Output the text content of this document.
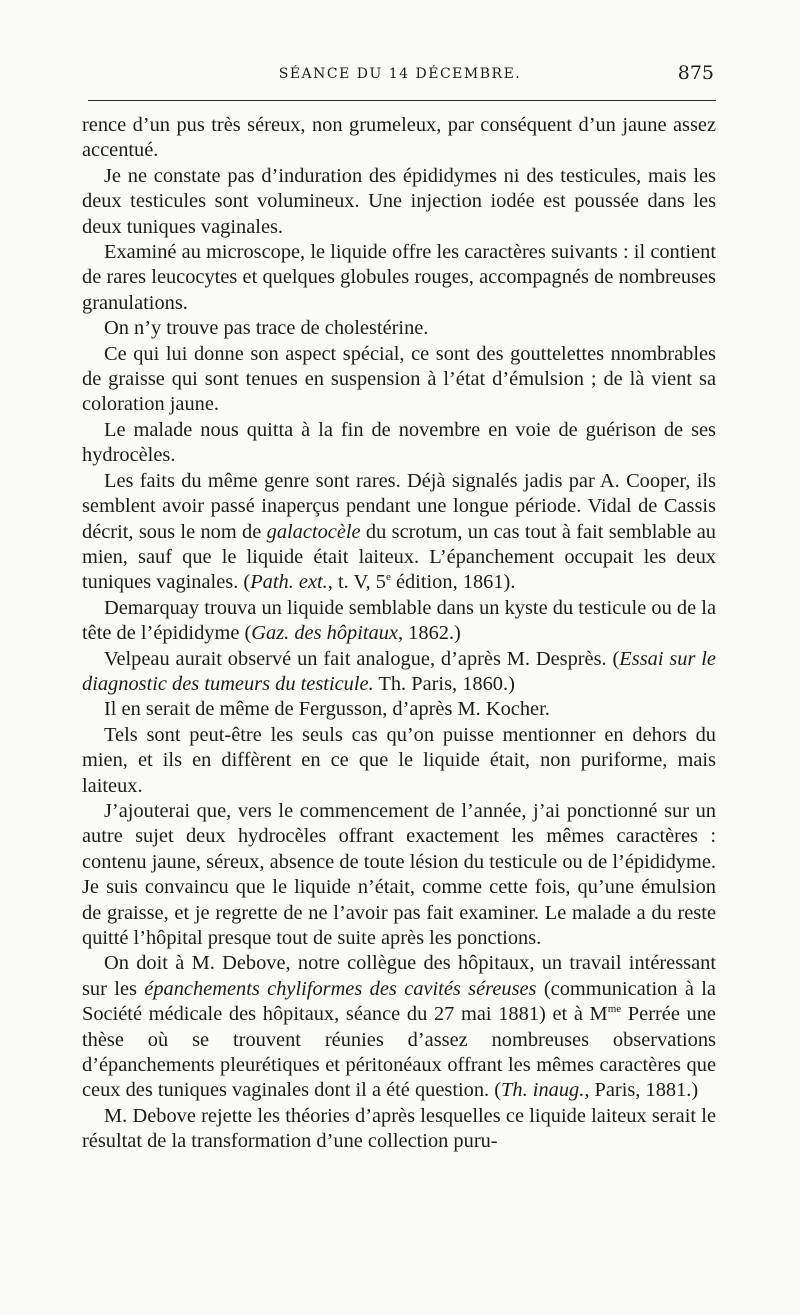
SÉANCE DU 14 DÉCEMBRE.	875

rence d’un pus très séreux, non grumeleux, par conséquent d’un jaune assez accentué.

Je ne constate pas d’induration des épididymes ni des testicules, mais les deux testicules sont volumineux. Une injection iodée est poussée dans les deux tuniques vaginales.

Examiné au microscope, le liquide offre les caractères suivants : il contient de rares leucocytes et quelques globules rouges, accompagnés de nombreuses granulations.

On n’y trouve pas trace de cholestérine.

Ce qui lui donne son aspect spécial, ce sont des gouttelettes nnombrables de graisse qui sont tenues en suspension à l’état d’émulsion ; de là vient sa coloration jaune.

Le malade nous quitta à la fin de novembre en voie de guérison de ses hydrocèles.

Les faits du même genre sont rares. Déjà signalés jadis par A. Cooper, ils semblent avoir passé inaperçus pendant une longue période. Vidal de Cassis décrit, sous le nom de galactocèle du scrotum, un cas tout à fait semblable au mien, sauf que le liquide était laiteux. L’épanchement occupait les deux tuniques vaginales. (Path. ext., t. V, 5e édition, 1861).

Demarquay trouva un liquide semblable dans un kyste du testicule ou de la tête de l’épididyme (Gaz. des hôpitaux, 1862.)

Velpeau aurait observé un fait analogue, d’après M. Desprès. (Essai sur le diagnostic des tumeurs du testicule. Th. Paris, 1860.)

Il en serait de même de Fergusson, d’après M. Kocher.

Tels sont peut-être les seuls cas qu’on puisse mentionner en dehors du mien, et ils en diffèrent en ce que le liquide était, non puriforme, mais laiteux.

J’ajouterai que, vers le commencement de l’année, j’ai ponctionné sur un autre sujet deux hydrocèles offrant exactement les mêmes caractères : contenu jaune, séreux, absence de toute lésion du testicule ou de l’épididyme. Je suis convaincu que le liquide n’était, comme cette fois, qu’une émulsion de graisse, et je regrette de ne l’avoir pas fait examiner. Le malade a du reste quitté l’hôpital presque tout de suite après les ponctions.

On doit à M. Debove, notre collègue des hôpitaux, un travail intéressant sur les épanchements chyliformes des cavités séreuses (communication à la Société médicale des hôpitaux, séance du 27 mai 1881) et à $M^{me}$ Perrée une thèse où se trouvent réunies d’assez nombreuses observations d’épanchements pleurétiques et péritonéaux offrant les mêmes caractères que ceux des tuniques vaginales dont il a été question. (Th. inaug., Paris, 1881.)

M. Debove rejette les théories d’après lesquelles ce liquide laiteux serait le résultat de la transformation d’une collection puru-
